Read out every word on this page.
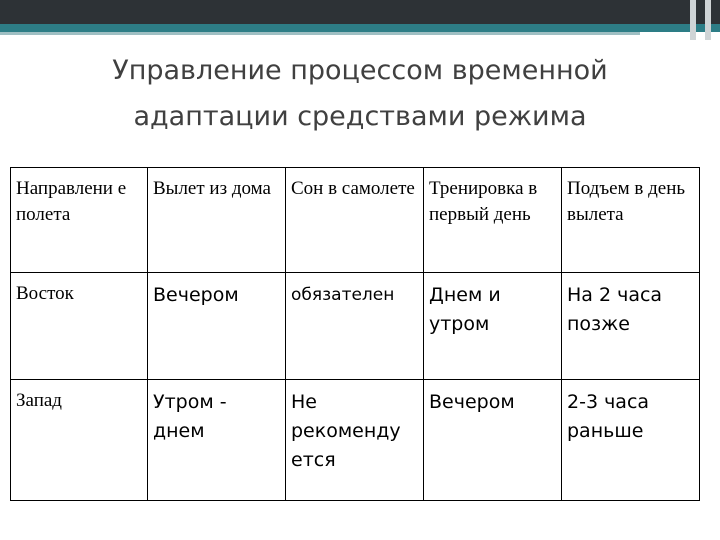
Управление процессом временной
адаптации средствами режима
Направлени е полета	Вылет из дома	Сон в самолете	Тренировка в первый день	Подъем в день вылета
Восток	Вечером	обязателен	Днем и утром	На 2 часа позже
Запад	Утром - днем	Не рекоменду ется	Вечером	2-3 часа раньше
